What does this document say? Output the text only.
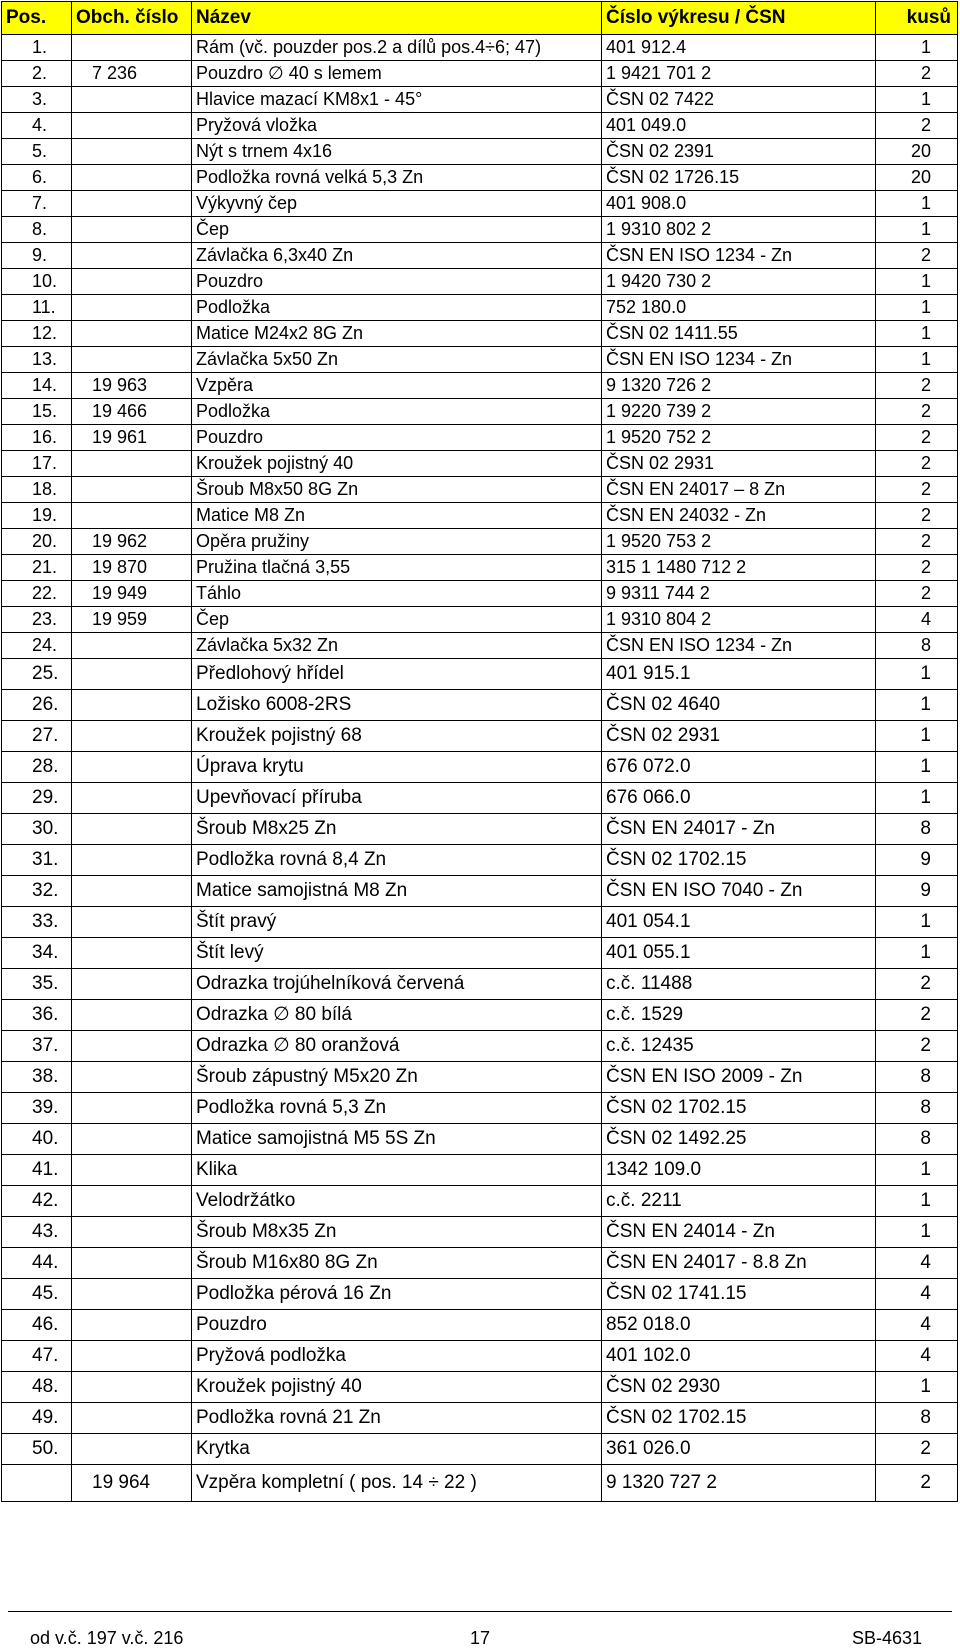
Pos.	Obch. číslo	Název	Číslo výkresu / ČSN	kusů
1.		Rám (vč. pouzder pos.2 a dílů pos.4÷6; 47)	401 912.4	1
2.	7 236	Pouzdro ∅ 40 s lemem	1 9421 701 2	2
3.		Hlavice mazací KM8x1 - 45°	ČSN 02 7422	1
4.		Pryžová vložka	401 049.0	2
5.		Nýt s trnem 4x16	ČSN 02 2391	20
6.		Podložka rovná velká 5,3 Zn	ČSN 02 1726.15	20
7.		Výkyvný čep	401 908.0	1
8.		Čep	1 9310 802 2	1
9.		Závlačka 6,3x40 Zn	ČSN EN ISO 1234 - Zn	2
10.		Pouzdro	1 9420 730 2	1
11.		Podložka	752 180.0	1
12.		Matice M24x2 8G Zn	ČSN 02 1411.55	1
13.		Závlačka 5x50 Zn	ČSN EN ISO 1234 - Zn	1
14.	19 963	Vzpěra	9 1320 726 2	2
15.	19 466	Podložka	1 9220 739 2	2
16.	19 961	Pouzdro	1 9520 752 2	2
17.		Kroužek pojistný 40	ČSN 02 2931	2
18.		Šroub M8x50 8G Zn	ČSN EN 24017 – 8 Zn	2
19.		Matice M8 Zn	ČSN EN 24032 - Zn	2
20.	19 962	Opěra pružiny	1 9520 753 2	2
21.	19 870	Pružina tlačná 3,55	315 1 1480 712 2	2
22.	19 949	Táhlo	9 9311 744 2	2
23.	19 959	Čep	1 9310 804 2	4
24.		Závlačka 5x32 Zn	ČSN EN ISO 1234 - Zn	8
25.		Předlohový hřídel	401 915.1	1
26.		Ložisko 6008-2RS	ČSN 02 4640	1
27.		Kroužek pojistný 68	ČSN 02 2931	1
28.		Úprava krytu	676 072.0	1
29.		Upevňovací příruba	676 066.0	1
30.		Šroub M8x25 Zn	ČSN EN 24017 - Zn	8
31.		Podložka rovná 8,4 Zn	ČSN 02 1702.15	9
32.		Matice samojistná M8 Zn	ČSN EN ISO 7040 - Zn	9
33.		Štít pravý	401 054.1	1
34.		Štít levý	401 055.1	1
35.		Odrazka trojúhelníková červená	c.č. 11488	2
36.		Odrazka ∅ 80 bílá	c.č. 1529	2
37.		Odrazka ∅ 80 oranžová	c.č. 12435	2
38.		Šroub zápustný M5x20 Zn	ČSN EN ISO 2009 - Zn	8
39.		Podložka rovná 5,3 Zn	ČSN 02 1702.15	8
40.		Matice samojistná M5 5S Zn	ČSN 02 1492.25	8
41.		Klika	1342 109.0	1
42.		Velodržátko	c.č. 2211	1
43.		Šroub M8x35 Zn	ČSN EN 24014 - Zn	1
44.		Šroub M16x80 8G Zn	ČSN EN 24017 - 8.8 Zn	4
45.		Podložka pérová 16 Zn	ČSN 02 1741.15	4
46.		Pouzdro	852 018.0	4
47.		Pryžová podložka	401 102.0	4
48.		Kroužek pojistný 40	ČSN 02 2930	1
49.		Podložka rovná 21 Zn	ČSN 02 1702.15	8
50.		Krytka	361 026.0	2
	19 964	Vzpěra kompletní ( pos. 14 ÷ 22 )	9 1320 727 2	2
od v.č. 197 v.č. 216	17	SB-4631
